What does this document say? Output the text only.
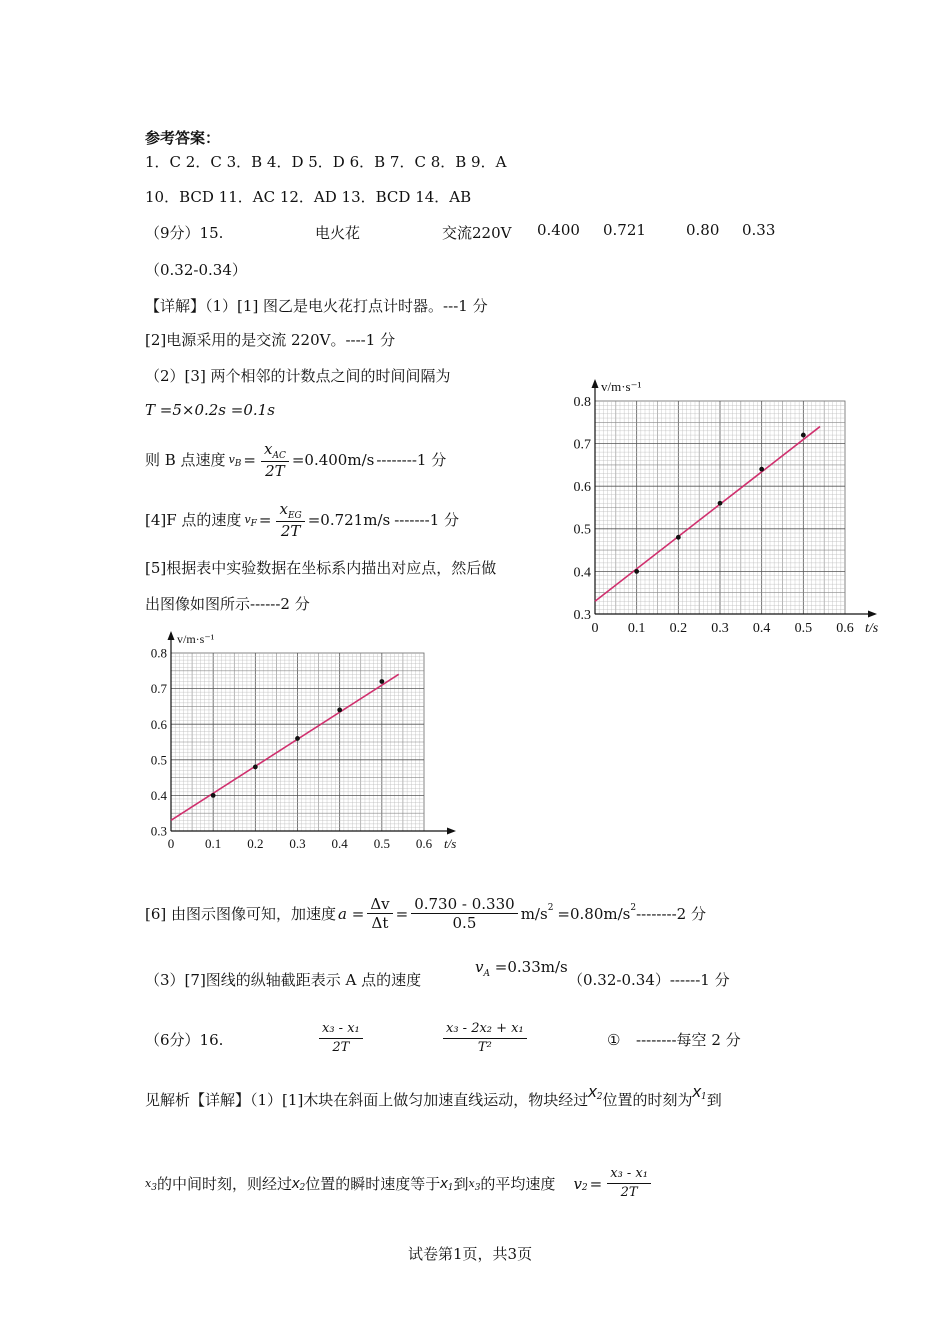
参考答案：
1．C 2．C 3．B 4．D 5．D 6．B 7．C 8．B 9．A
10．BCD 11．AC 12．AD 13．BCD 14．AB
（9分）15.	电火花	交流220V 0.400 0.721	0.80 0.33
（0.32-0.34）
【详解】（1）[1] 图乙是电火花打点计时器。---1 分
[2]电源采用的是交流 220V。----1 分
（2）[3] 两个相邻的计数点之间的时间间隔为
T =5×0.2s =0.1s
则 B 点速度 v $B = \frac{x_{AC}}{2T} =0.400m/s$ --------1 分
[4]F 点的速度 v $F = \frac{x_{EG}}{2T} =0.721m/s$ -------1 分
[5]根据表中实验数据在坐标系内描出对应点，然后做
出图像如图所示------2 分
0 0.1 0.2 0.3 0.4 0.5 0.6
0.3
0.4
0.5
0.6
0.7
0.8
t/s
v/m·s⁻¹
0 0.1 0.2 0.3 0.4 0.5 0.6
0.3
0.4
0.5
0.6
0.7
0.8
t/s
v/m·s⁻¹
[6] 由图示图像可知，加速度 $a = \frac{\Delta v}{\Delta t} = \frac{0.730 - 0.330}{0.5} m/s$ 2 =0.80m/s 2 --------2 分
（3）[7]图线的纵轴截距表示 A 点的速度
$v_A =0.33m/s$
（0.32-0.34）------1 分
（6分）16.	$\frac{\text{x₃ - x₁}}{2T}$	$\frac{\text{x₃ - 2x₂ + x₁}}{\text{T²}}$	① --------每空 2 分
见解析【详解】（1）[1]木块在斜面上做匀加速直线运动，物块经过$x^2$位置的时刻为$x^1$到
x 3 的中间时刻，则经过 x 2 位置的瞬时速度等于 x 1 到 x 3 的平均速度 v $2 = \frac{\text{x₃ - x₁}}{2T}$
试卷第1页，共3页
